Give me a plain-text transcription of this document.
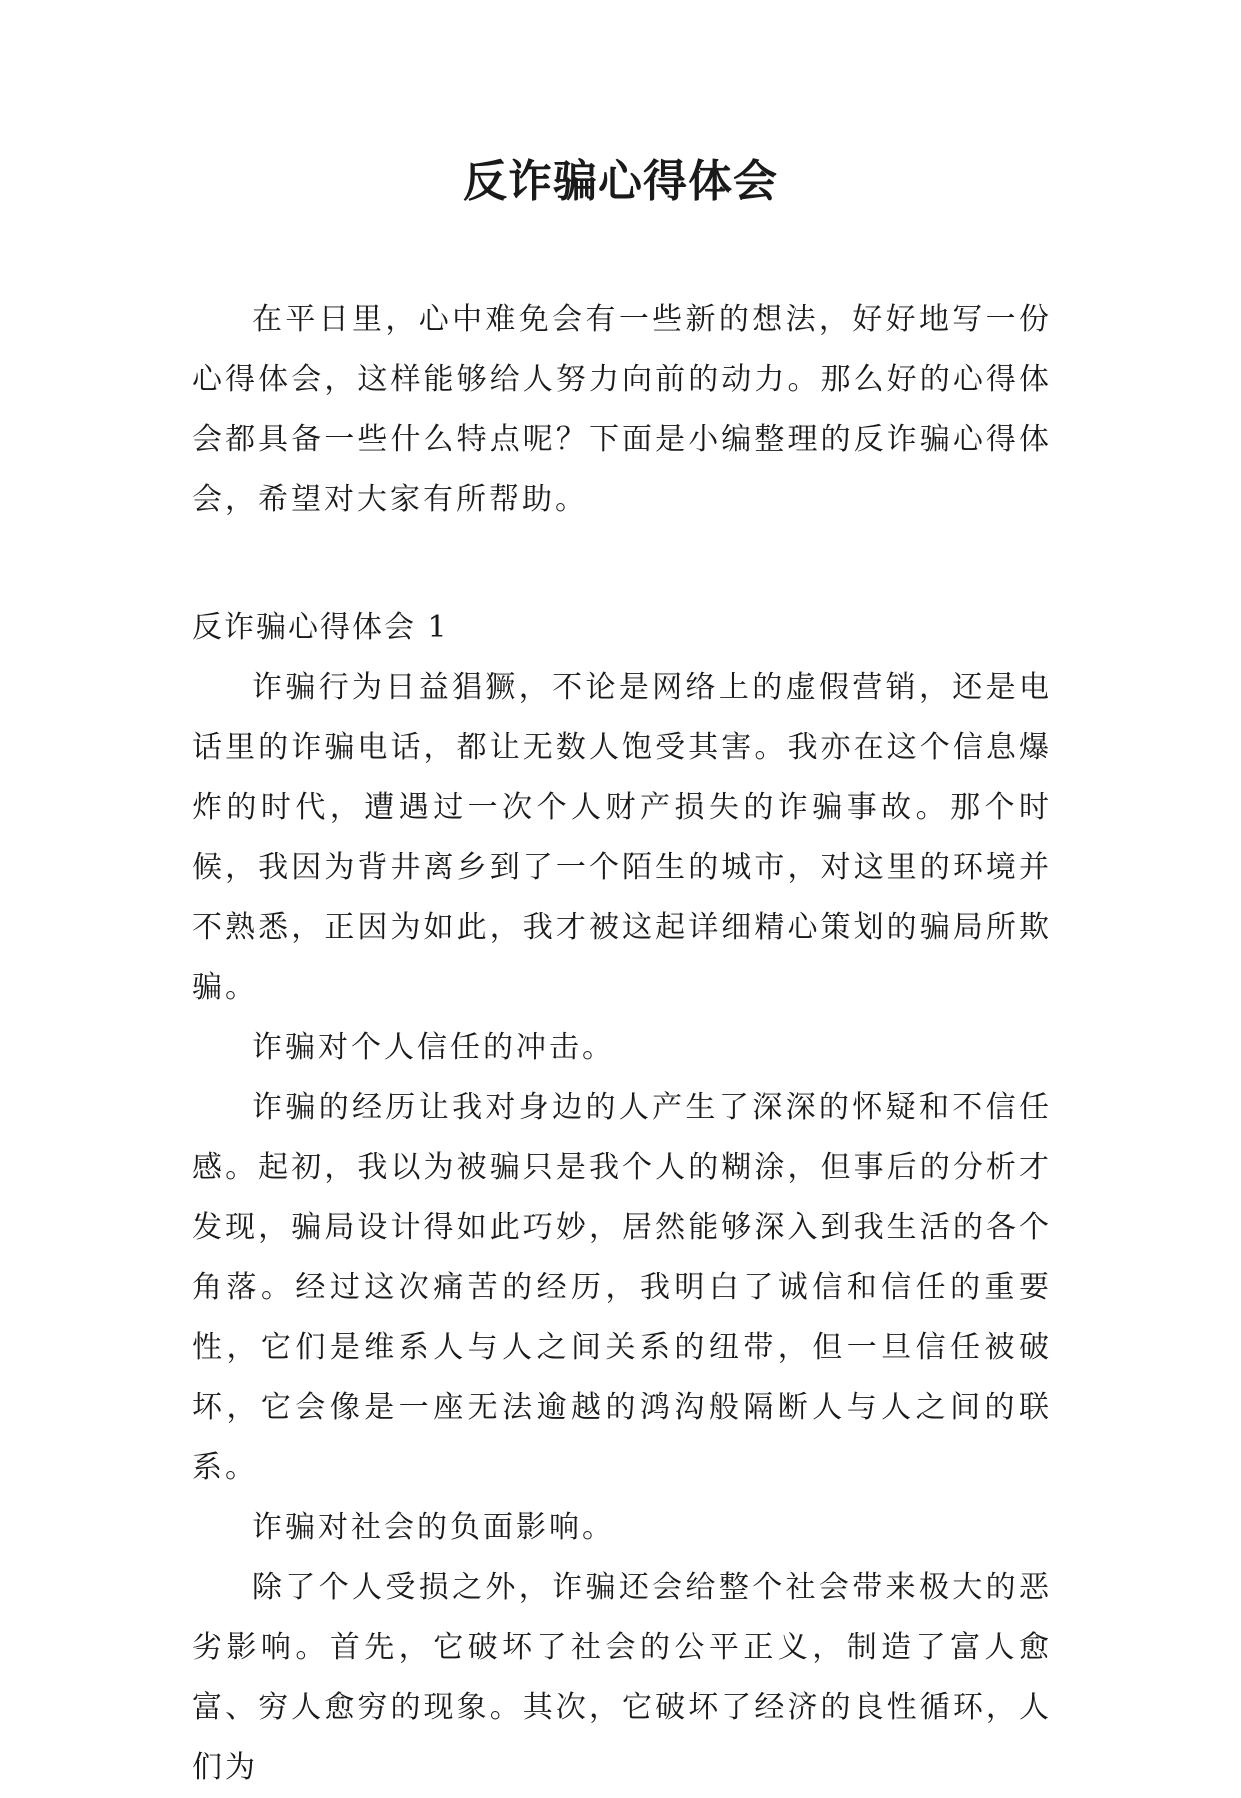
反诈骗心得体会

在平日里，心中难免会有一些新的想法，好好地写一份心得体会，这样能够给人努力向前的动力。那么好的心得体会都具备一些什么特点呢？下面是小编整理的反诈骗心得体会，希望对大家有所帮助。

反诈骗心得体会 1

诈骗行为日益猖獗，不论是网络上的虚假营销，还是电话里的诈骗电话，都让无数人饱受其害。我亦在这个信息爆炸的时代，遭遇过一次个人财产损失的诈骗事故。那个时候，我因为背井离乡到了一个陌生的城市，对这里的环境并不熟悉，正因为如此，我才被这起详细精心策划的骗局所欺骗。

诈骗对个人信任的冲击。

诈骗的经历让我对身边的人产生了深深的怀疑和不信任感。起初，我以为被骗只是我个人的糊涂，但事后的分析才发现，骗局设计得如此巧妙，居然能够深入到我生活的各个角落。经过这次痛苦的经历，我明白了诚信和信任的重要性，它们是维系人与人之间关系的纽带，但一旦信任被破坏，它会像是一座无法逾越的鸿沟般隔断人与人之间的联系。

诈骗对社会的负面影响。

除了个人受损之外，诈骗还会给整个社会带来极大的恶劣影响。首先，它破坏了社会的公平正义，制造了富人愈富、穷人愈穷的现象。其次，它破坏了经济的良性循环，人们为
